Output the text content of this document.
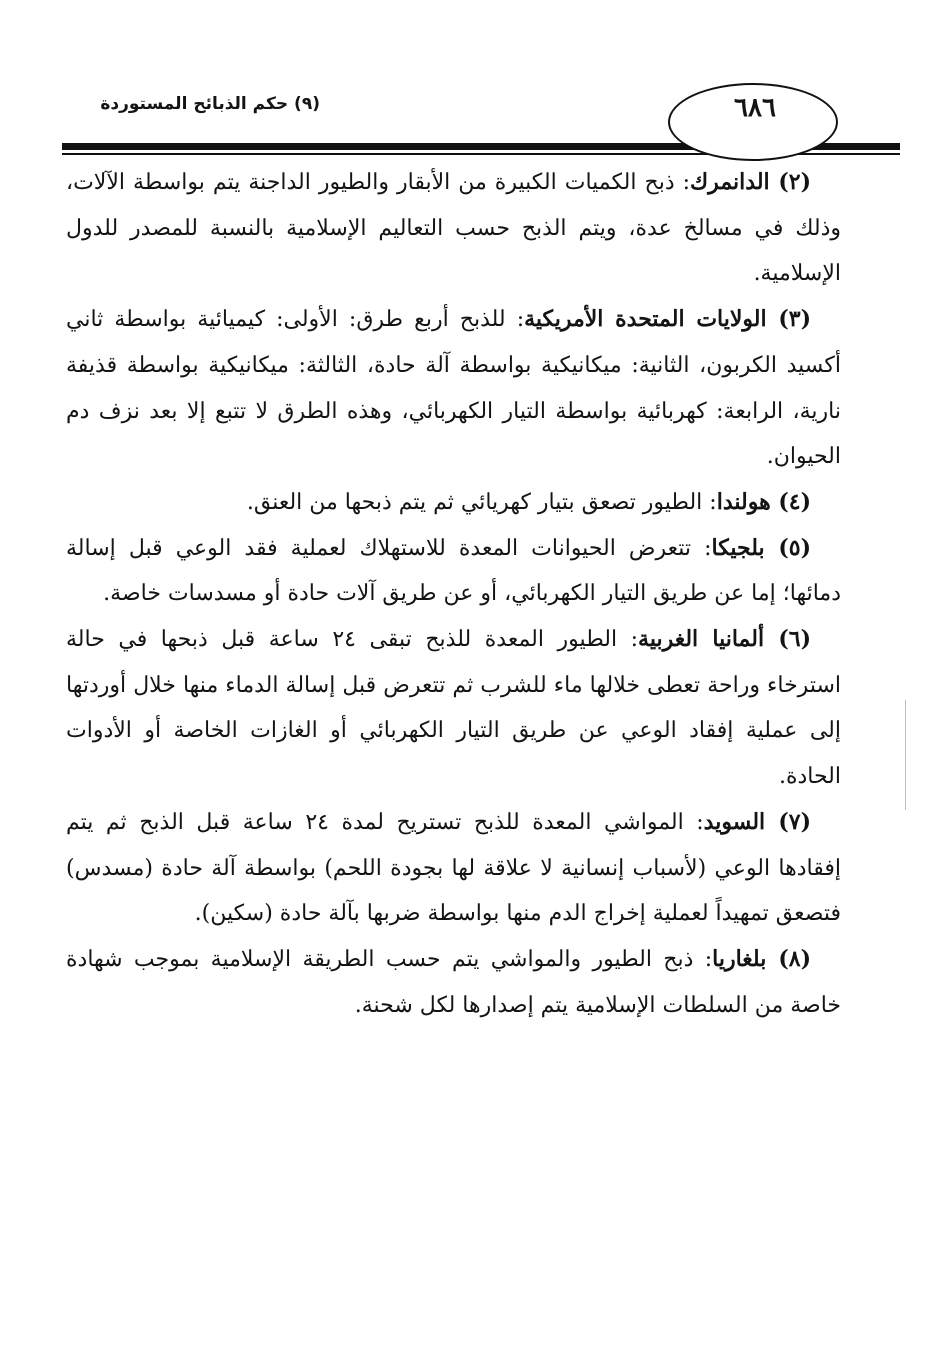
٦٨٦
(٩) حكم الذبائح المستوردة

(٢) الدانمرك: ذبح الكميات الكبيرة من الأبقار والطيور الداجنة يتم بواسطة الآلات، وذلك في مسالخ عدة، ويتم الذبح حسب التعاليم الإسلامية بالنسبة للمصدر للدول الإسلامية.

(٣) الولايات المتحدة الأمريكية: للذبح أربع طرق: الأولى: كيميائية بواسطة ثاني أكسيد الكربون، الثانية: ميكانيكية بواسطة آلة حادة، الثالثة: ميكانيكية بواسطة قذيفة نارية، الرابعة: كهربائية بواسطة التيار الكهربائي، وهذه الطرق لا تتبع إلا بعد نزف دم الحيوان.

(٤) هولندا: الطيور تصعق بتيار كهريائي ثم يتم ذبحها من العنق.

(٥) بلجيكا: تتعرض الحيوانات المعدة للاستهلاك لعملية فقد الوعي قبل إسالة دمائها؛ إما عن طريق التيار الكهربائي، أو عن طريق آلات حادة أو مسدسات خاصة.

(٦) ألمانيا الغربية: الطيور المعدة للذبح تبقى ٢٤ ساعة قبل ذبحها في حالة استرخاء وراحة تعطى خلالها ماء للشرب ثم تتعرض قبل إسالة الدماء منها خلال أوردتها إلى عملية إفقاد الوعي عن طريق التيار الكهربائي أو الغازات الخاصة أو الأدوات الحادة.

(٧) السويد: المواشي المعدة للذبح تستريح لمدة ٢٤ ساعة قبل الذبح ثم يتم إفقادها الوعي (لأسباب إنسانية لا علاقة لها بجودة اللحم) بواسطة آلة حادة (مسدس) فتصعق تمهيداً لعملية إخراج الدم منها بواسطة ضربها بآلة حادة (سكين).

(٨) بلغاريا: ذبح الطيور والمواشي يتم حسب الطريقة الإسلامية بموجب شهادة خاصة من السلطات الإسلامية يتم إصدارها لكل شحنة.
